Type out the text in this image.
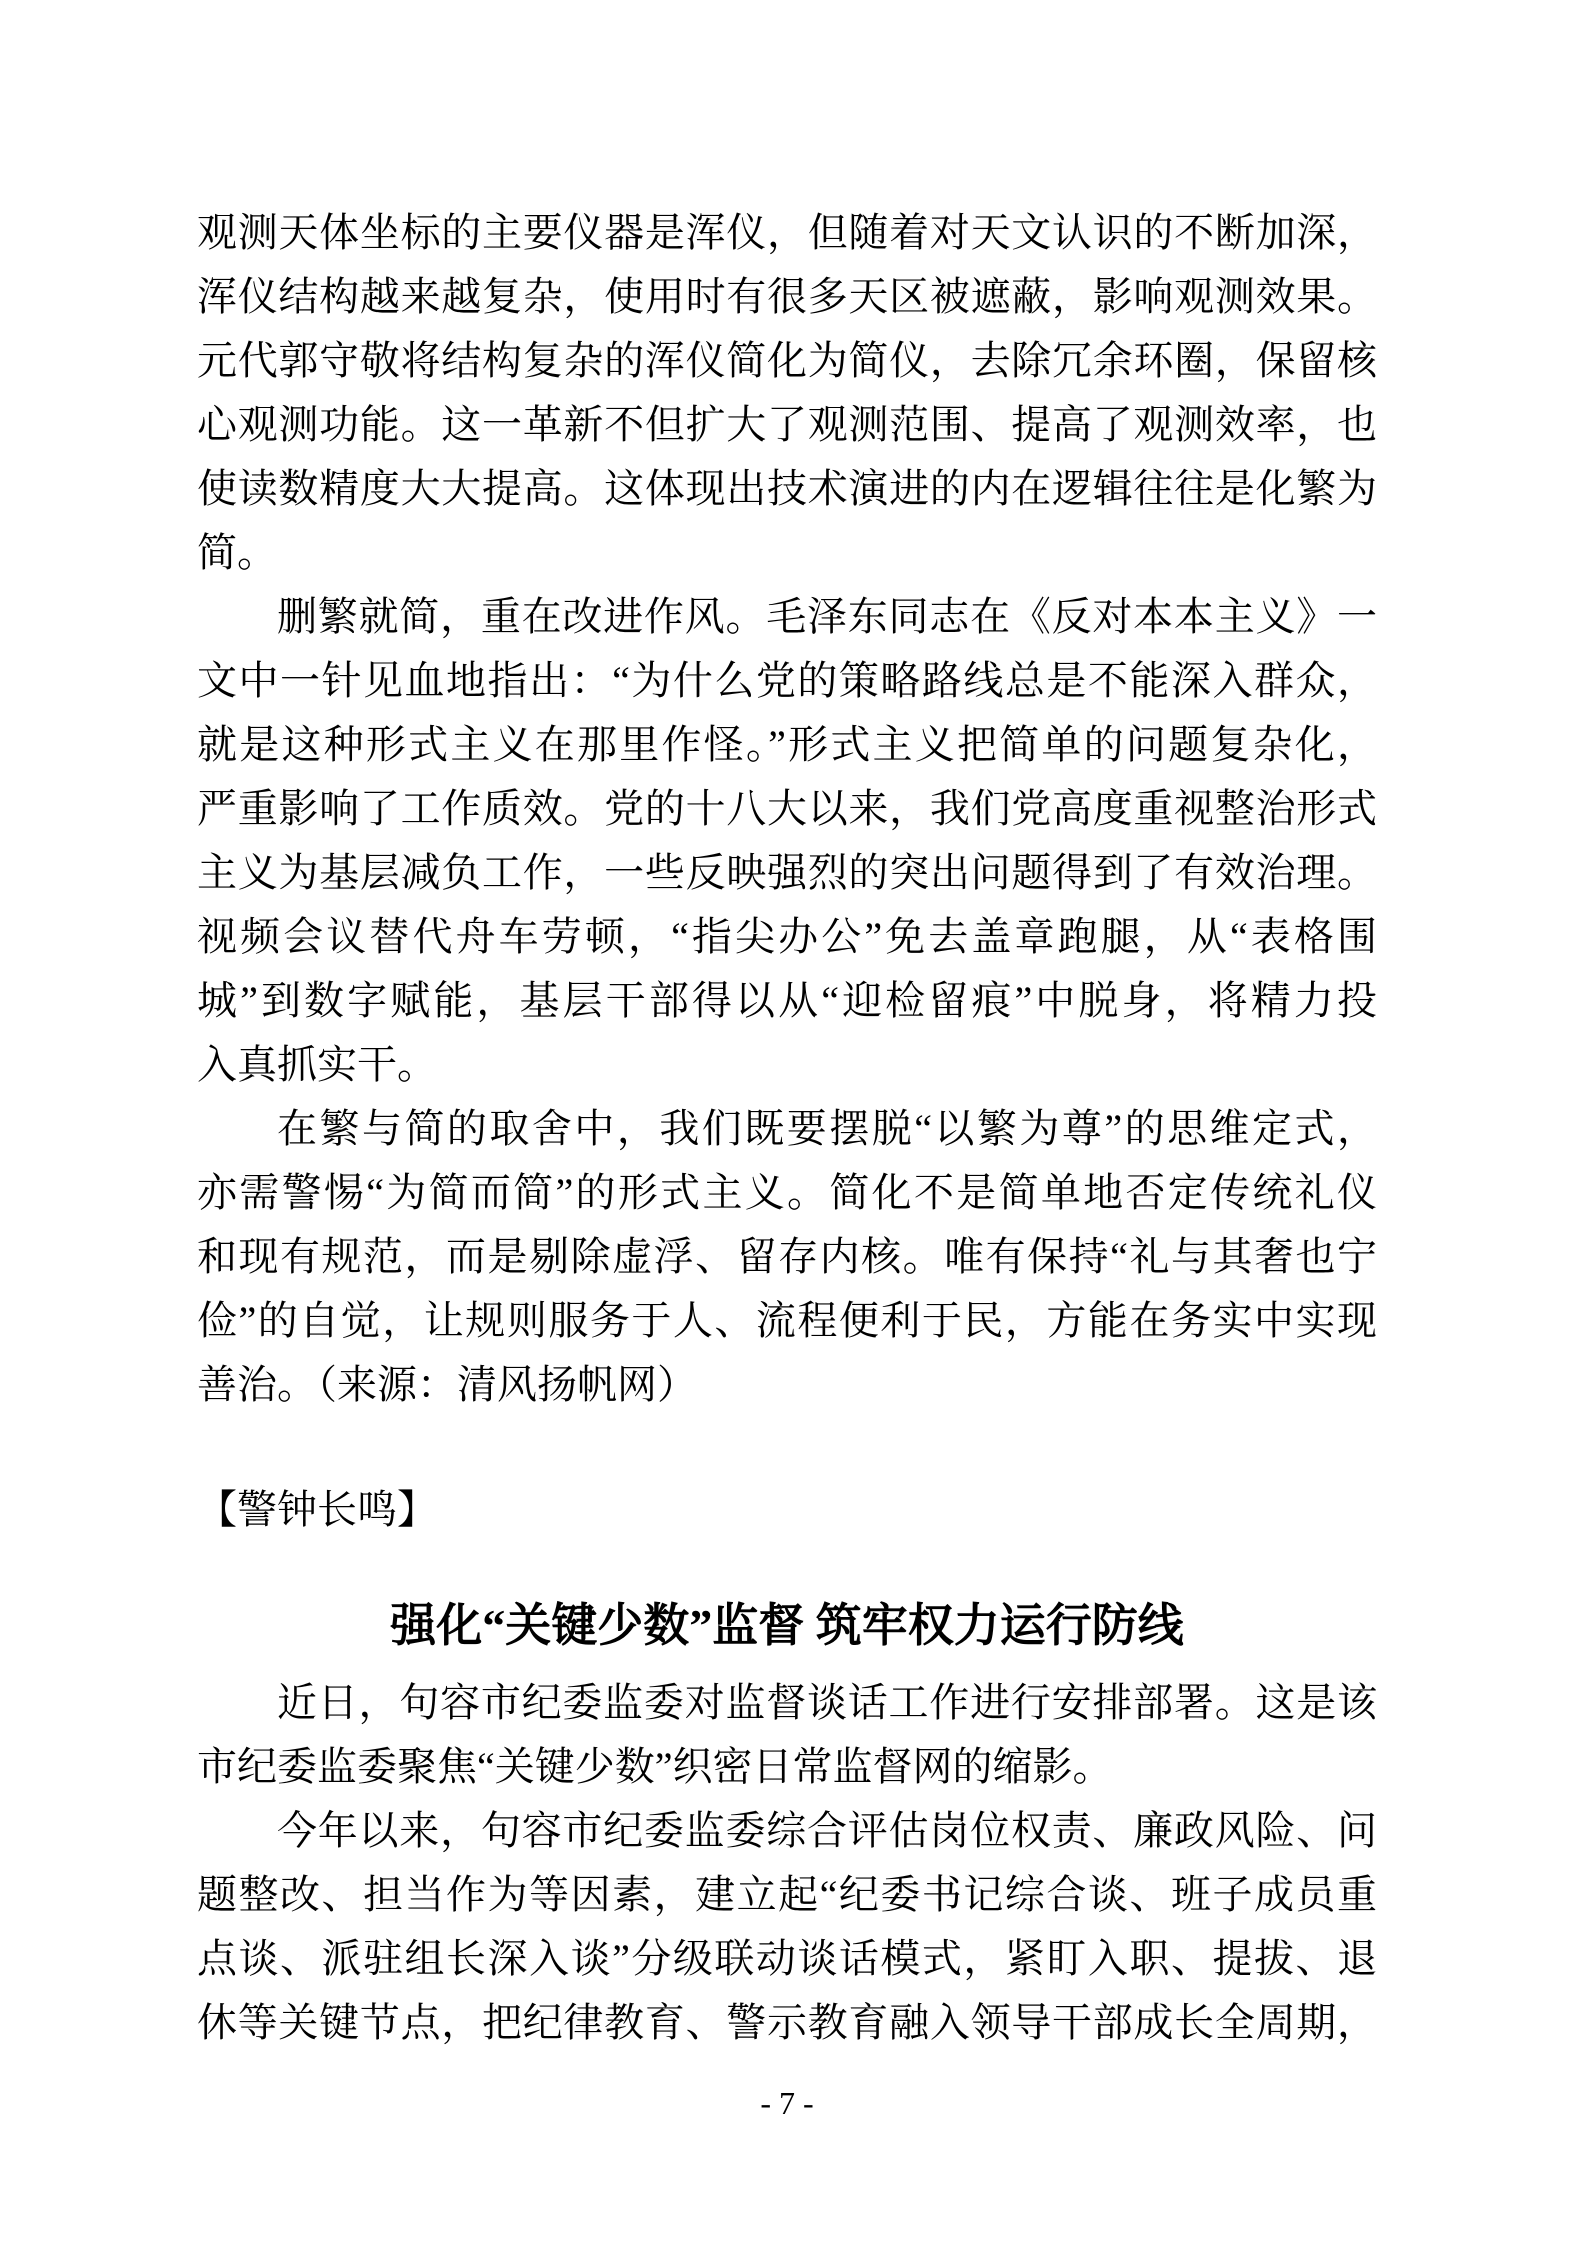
观测天体坐标的主要仪器是浑仪，但随着对天文认识的不断加深，
浑仪结构越来越复杂，使用时有很多天区被遮蔽，影响观测效果。
元代郭守敬将结构复杂的浑仪简化为简仪，去除冗余环圈，保留核
心观测功能。这一革新不但扩大了观测范围、提高了观测效率，也
使读数精度大大提高。这体现出技术演进的内在逻辑往往是化繁为
简。
删繁就简，重在改进作风。毛泽东同志在《反对本本主义》一
文中一针见血地指出：“为什么党的策略路线总是不能深入群众，
就是这种形式主义在那里作怪。”形式主义把简单的问题复杂化，
严重影响了工作质效。党的十八大以来，我们党高度重视整治形式
主义为基层减负工作，一些反映强烈的突出问题得到了有效治理。
视频会议替代舟车劳顿，“指尖办公”免去盖章跑腿，从“表格围
城”到数字赋能，基层干部得以从“迎检留痕”中脱身，将精力投
入真抓实干。
在繁与简的取舍中，我们既要摆脱“以繁为尊”的思维定式，
亦需警惕“为简而简”的形式主义。简化不是简单地否定传统礼仪
和现有规范，而是剔除虚浮、留存内核。唯有保持“礼与其奢也宁
俭”的自觉，让规则服务于人、流程便利于民，方能在务实中实现
善治。（来源：清风扬帆网）
【警钟长鸣】
强化“关键少数”监督 筑牢权力运行防线
近日，句容市纪委监委对监督谈话工作进行安排部署。这是该
市纪委监委聚焦“关键少数”织密日常监督网的缩影。
今年以来，句容市纪委监委综合评估岗位权责、廉政风险、问
题整改、担当作为等因素，建立起“纪委书记综合谈、班子成员重
点谈、派驻组长深入谈”分级联动谈话模式，紧盯入职、提拔、退
休等关键节点，把纪律教育、警示教育融入领导干部成长全周期，
- 7 -
